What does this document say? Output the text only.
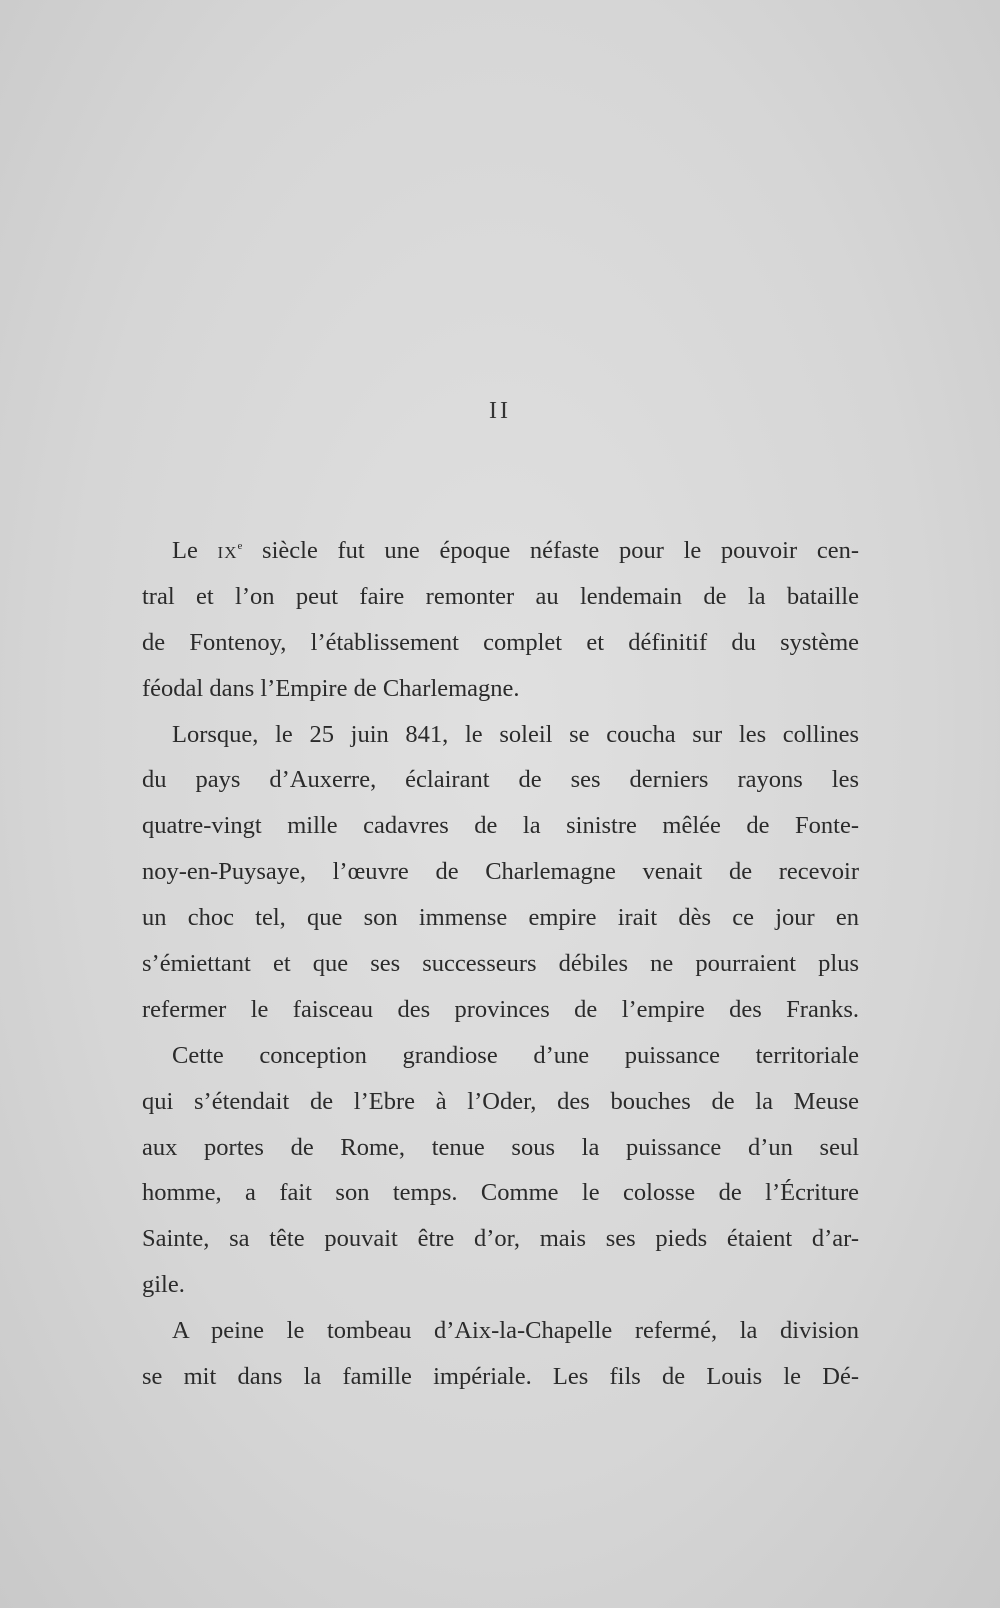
II
Le IXe siècle fut une époque néfaste pour le pouvoir cen-
tral et l’on peut faire remonter au lendemain de la bataille
de Fontenoy, l’établissement complet et définitif du système
féodal dans l’Empire de Charlemagne.
Lorsque, le 25 juin 841, le soleil se coucha sur les collines
du pays d’Auxerre, éclairant de ses derniers rayons les
quatre-vingt mille cadavres de la sinistre mêlée de Fonte-
noy-en-Puysaye, l’œuvre de Charlemagne venait de recevoir
un choc tel, que son immense empire irait dès ce jour en
s’émiettant et que ses successeurs débiles ne pourraient plus
refermer le faisceau des provinces de l’empire des Franks.
Cette conception grandiose d’une puissance territoriale
qui s’étendait de l’Ebre à l’Oder, des bouches de la Meuse
aux portes de Rome, tenue sous la puissance d’un seul
homme, a fait son temps. Comme le colosse de l’Écriture
Sainte, sa tête pouvait être d’or, mais ses pieds étaient d’ar-
gile.
A peine le tombeau d’Aix-la-Chapelle refermé, la division
se mit dans la famille impériale. Les fils de Louis le Dé-
